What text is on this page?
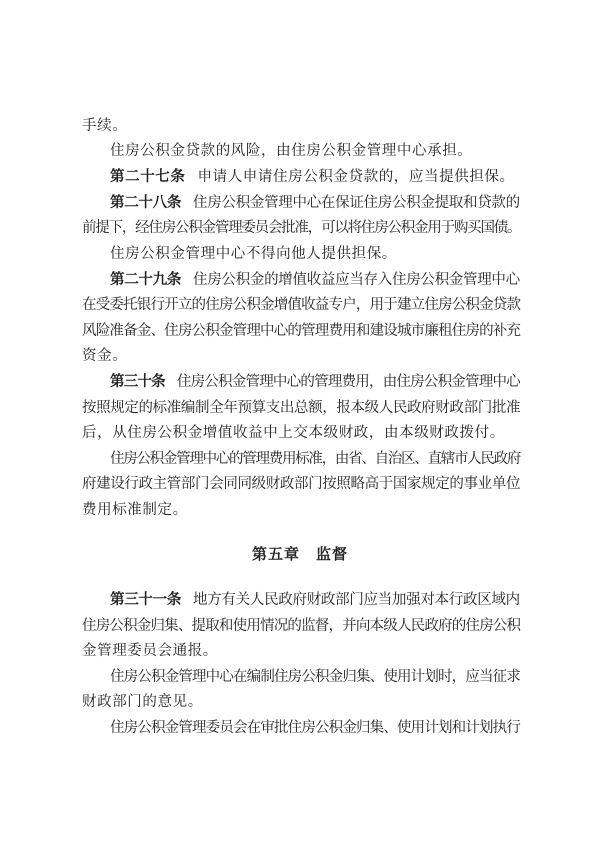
手续。
住房公积金贷款的风险，由住房公积金管理中心承担。
第二十七条 申请人申请住房公积金贷款的，应当提供担保。
第二十八条 住房公积金管理中心在保证住房公积金提取和贷款的
前提下，经住房公积金管理委员会批准，可以将住房公积金用于购买国债。
住房公积金管理中心不得向他人提供担保。
第二十九条 住房公积金的增值收益应当存入住房公积金管理中心
在受委托银行开立的住房公积金增值收益专户，用于建立住房公积金贷款
风险准备金、住房公积金管理中心的管理费用和建设城市廉租住房的补充
资金。
第三十条 住房公积金管理中心的管理费用，由住房公积金管理中心
按照规定的标准编制全年预算支出总额，报本级人民政府财政部门批准
后，从住房公积金增值收益中上交本级财政，由本级财政拨付。
住房公积金管理中心的管理费用标准，由省、自治区、直辖市人民政府
府建设行政主管部门会同同级财政部门按照略高于国家规定的事业单位
费用标准制定。
第五章　监督
第三十一条 地方有关人民政府财政部门应当加强对本行政区域内
住房公积金归集、提取和使用情况的监督，并向本级人民政府的住房公积
金管理委员会通报。
住房公积金管理中心在编制住房公积金归集、使用计划时，应当征求
财政部门的意见。
住房公积金管理委员会在审批住房公积金归集、使用计划和计划执行
